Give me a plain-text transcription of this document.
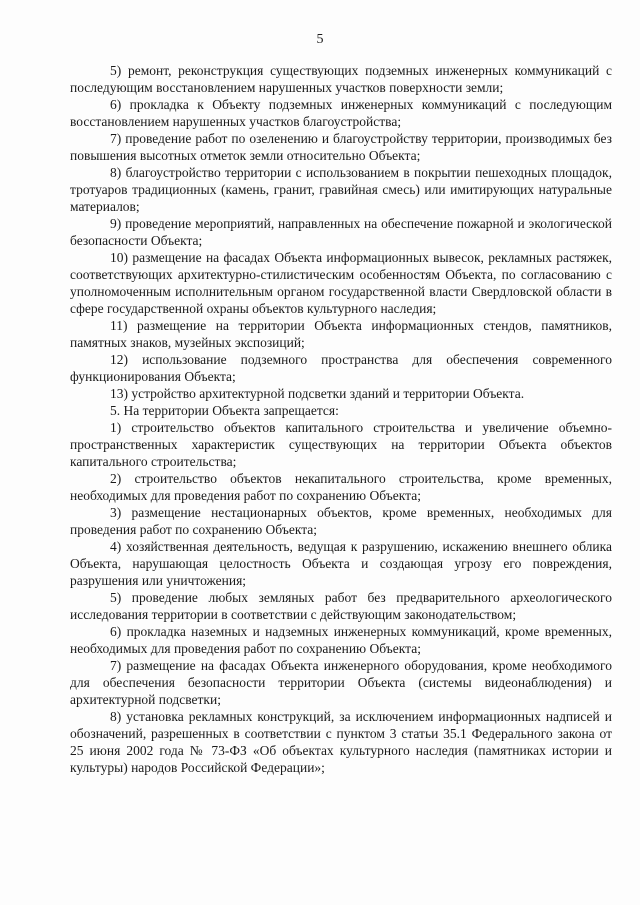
5

5) ремонт, реконструкция существующих подземных инженерных коммуникаций с последующим восстановлением нарушенных участков поверхности земли;

6) прокладка к Объекту подземных инженерных коммуникаций с последующим восстановлением нарушенных участков благоустройства;

7) проведение работ по озеленению и благоустройству территории, производимых без повышения высотных отметок земли относительно Объекта;

8) благоустройство территории с использованием в покрытии пешеходных площадок, тротуаров традиционных (камень, гранит, гравийная смесь) или имитирующих натуральные материалов;

9) проведение мероприятий, направленных на обеспечение пожарной и экологической безопасности Объекта;

10) размещение на фасадах Объекта информационных вывесок, рекламных растяжек, соответствующих архитектурно-стилистическим особенностям Объекта, по согласованию с уполномоченным исполнительным органом государственной власти Свердловской области в сфере государственной охраны объектов культурного наследия;

11) размещение на территории Объекта информационных стендов, памятников, памятных знаков, музейных экспозиций;

12) использование подземного пространства для обеспечения современного функционирования Объекта;

13) устройство архитектурной подсветки зданий и территории Объекта.

5. На территории Объекта запрещается:

1) строительство объектов капитального строительства и увеличение объемно-пространственных характеристик существующих на территории Объекта объектов капитального строительства;

2) строительство объектов некапитального строительства, кроме временных, необходимых для проведения работ по сохранению Объекта;

3) размещение нестационарных объектов, кроме временных, необходимых для проведения работ по сохранению Объекта;

4) хозяйственная деятельность, ведущая к разрушению, искажению внешнего облика Объекта, нарушающая целостность Объекта и создающая угрозу его повреждения, разрушения или уничтожения;

5) проведение любых земляных работ без предварительного археологического исследования территории в соответствии с действующим законодательством;

6) прокладка наземных и надземных инженерных коммуникаций, кроме временных, необходимых для проведения работ по сохранению Объекта;

7) размещение на фасадах Объекта инженерного оборудования, кроме необходимого для обеспечения безопасности территории Объекта (системы видеонаблюдения) и архитектурной подсветки;

8) установка рекламных конструкций, за исключением информационных надписей и обозначений, разрешенных в соответствии с пунктом 3 статьи 35.1 Федерального закона от 25 июня 2002 года № 73-ФЗ «Об объектах культурного наследия (памятниках истории и культуры) народов Российской Федерации»;
